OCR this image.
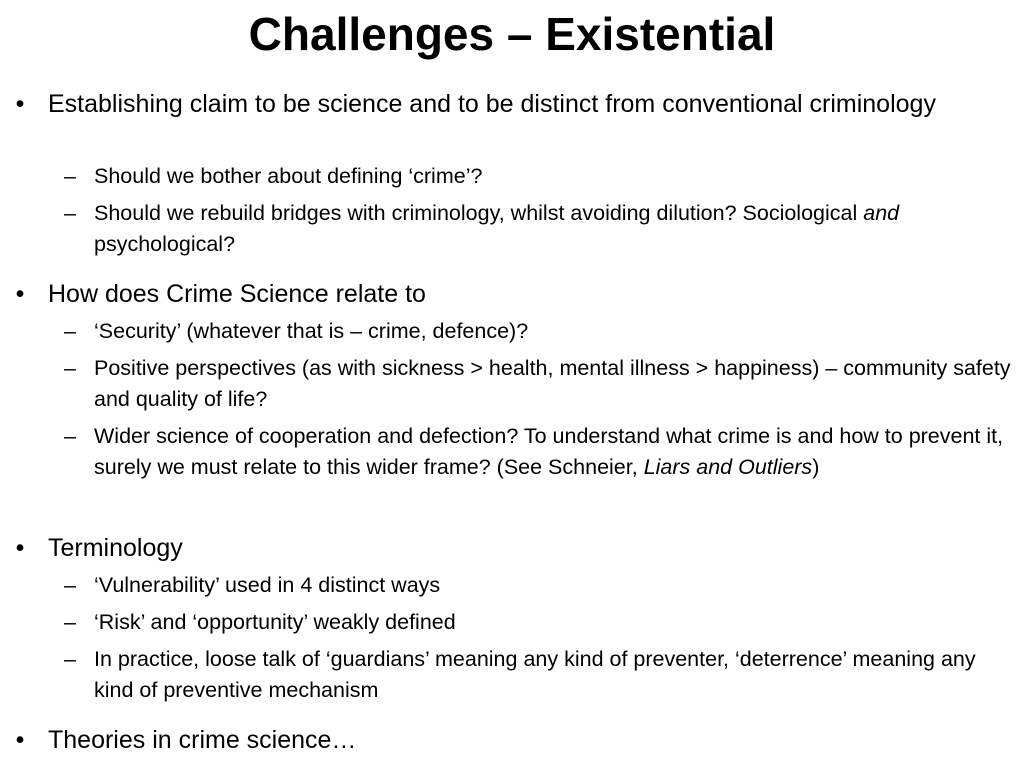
Challenges – Existential
• Establishing claim to be science and to be distinct from conventional criminology
– Should we bother about defining ‘crime’?
– Should we rebuild bridges with criminology, whilst avoiding dilution? Sociological and psychological?
• How does Crime Science relate to
– ‘Security’ (whatever that is – crime, defence)?
– Positive perspectives (as with sickness > health, mental illness > happiness) – community safety and quality of life?
– Wider science of cooperation and defection? To understand what crime is and how to prevent it, surely we must relate to this wider frame? (See Schneier, Liars and Outliers)
• Terminology
– ‘Vulnerability’ used in 4 distinct ways
– ‘Risk’ and ‘opportunity’ weakly defined
– In practice, loose talk of ‘guardians’ meaning any kind of preventer, ‘deterrence’ meaning any kind of preventive mechanism
• Theories in crime science…
